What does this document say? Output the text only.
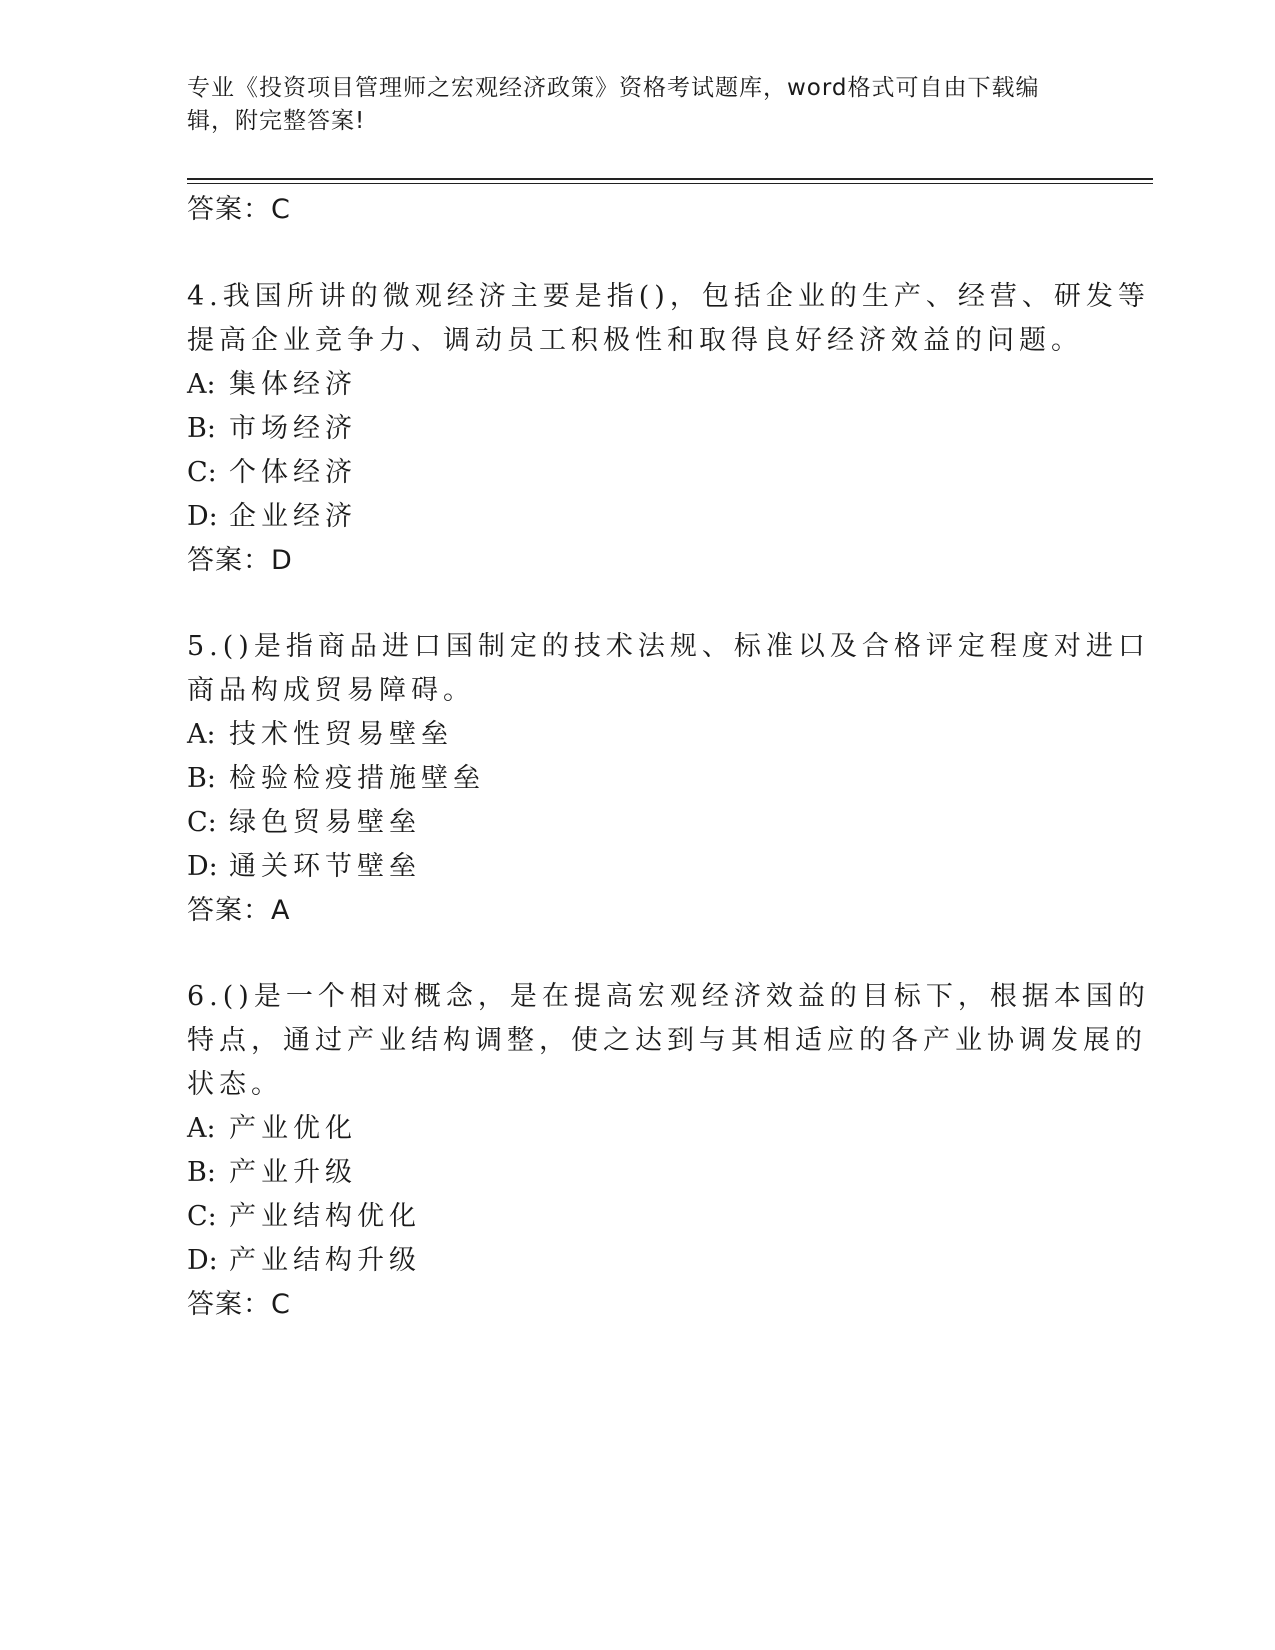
专业《投资项目管理师之宏观经济政策》资格考试题库，word格式可自由下载编
辑，附完整答案!
答案：C
4.我国所讲的微观经济主要是指()，包括企业的生产、经营、研发等
提高企业竞争力、调动员工积极性和取得良好经济效益的问题。
A: 集体经济
B: 市场经济
C: 个体经济
D: 企业经济
答案：D
5.()是指商品进口国制定的技术法规、标准以及合格评定程度对进口
商品构成贸易障碍。
A: 技术性贸易壁垒
B: 检验检疫措施壁垒
C: 绿色贸易壁垒
D: 通关环节壁垒
答案：A
6.()是一个相对概念，是在提高宏观经济效益的目标下，根据本国的
特点，通过产业结构调整，使之达到与其相适应的各产业协调发展的
状态。
A: 产业优化
B: 产业升级
C: 产业结构优化
D: 产业结构升级
答案：C
